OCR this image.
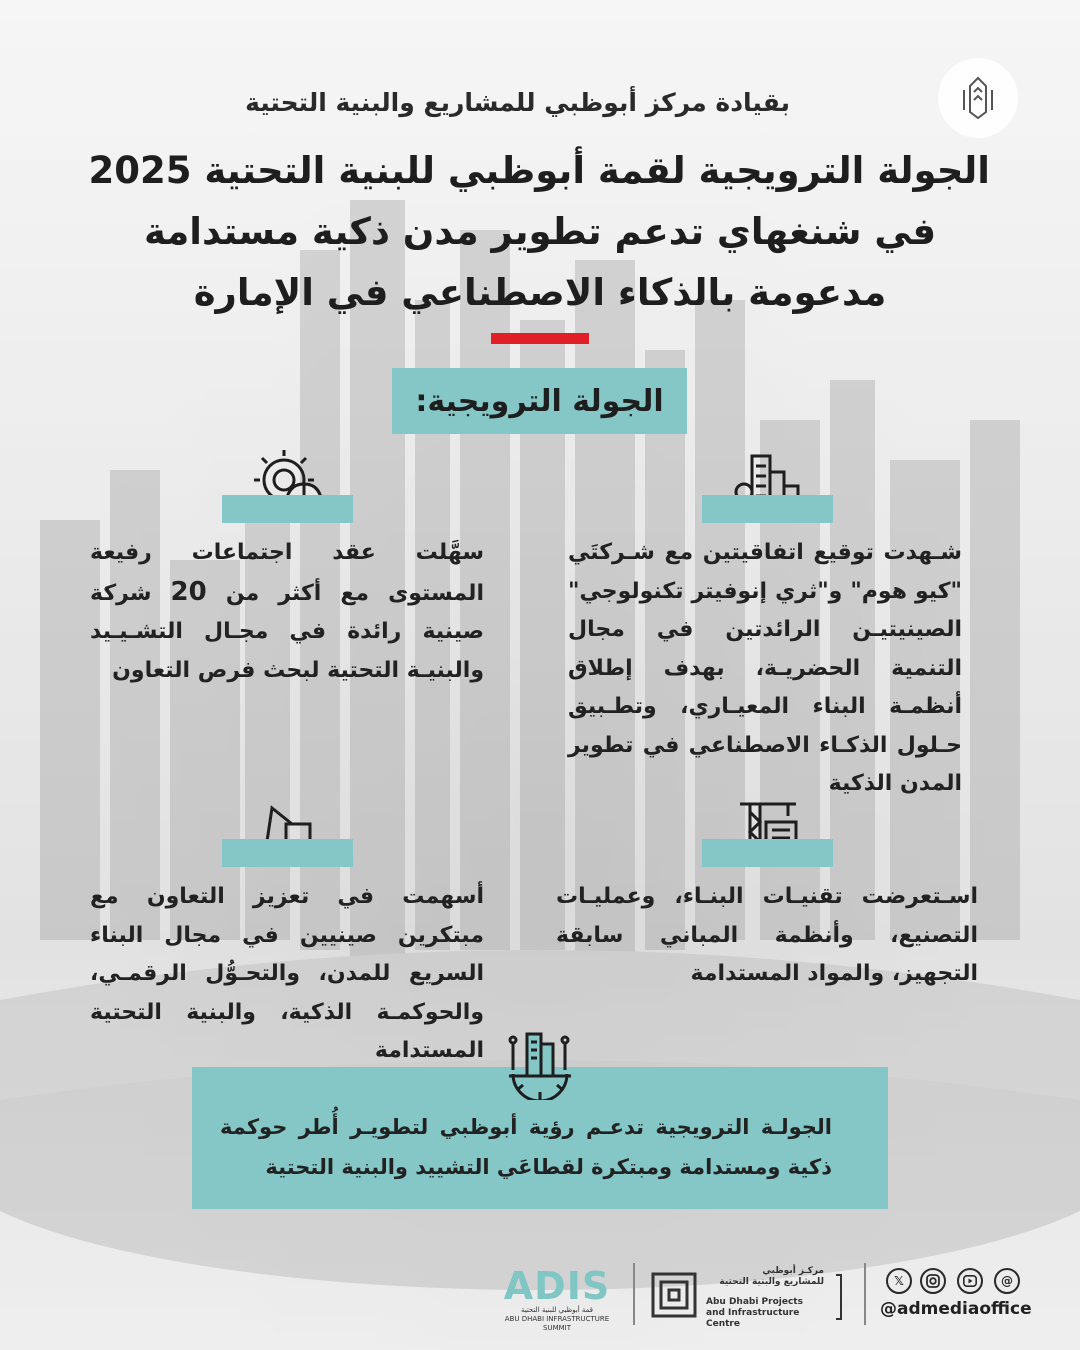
بقيادة مركز أبوظبي للمشاريع والبنية التحتية
الجولة الترويجية لقمة أبوظبي للبنية التحتية 2025
في شنغهاي تدعم تطوير مدن ذكية مستدامة
مدعومة بالذكاء الاصطناعي في الإمارة
الجولة الترويجية:
شـهدت توقيع اتفاقيتين مع شـركتَي "كيو هوم" و"ثري إنوفيتر تكنولوجي" الصينيتيـن الرائدتين في مجال التنمية الحضريـة، بهدف إطلاق أنظمـة البناء المعيـاري، وتطـبيق حـلول الذكـاء الاصطناعي في تطوير المدن الذكية
سهَّلت عقد اجتماعات رفيعة المستوى مع أكثر من 20 شركة صينية رائدة في مجـال التشـيـيد والبنيـة التحتية لبحث فرص التعاون
اسـتعرضت تقنيـات البنـاء، وعمليـات التصنيع، وأنظمة المباني سابقة التجهيز، والمواد المستدامة
أسهمت في تعزيز التعاون مع مبتكرين صينيين في مجال البناء السريع للمدن، والتحـوُّل الرقمـي، والحوكمـة الذكية، والبنية التحتية المستدامة
الجولـة الترويجية تدعـم رؤية أبوظبي لتطويـر أُطر حوكمة ذكية ومستدامة ومبتكرة لقطاعَي التشييد والبنية التحتية
ADIS
قمة أبوظبي للبنية التحتية
ABU DHABI INFRASTRUCTURE SUMMIT
مركـز أبوظبي
للمشاريع والبنية التحتية
Abu Dhabi Projects
and Infrastructure Centre
𝕏	@
@admediaoffice
